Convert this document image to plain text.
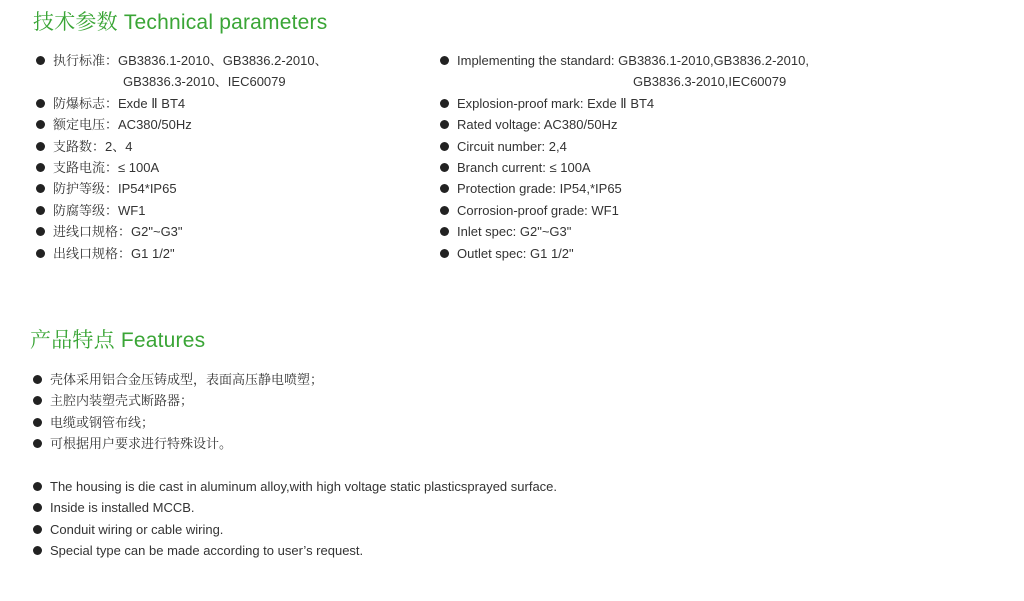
技术参数 Technical parameters
执行标准：GB3836.1-2010、GB3836.2-2010、
GB3836.3-2010、IEC60079
防爆标志：Exde Ⅱ BT4
额定电压：AC380/50Hz
支路数：2、4
支路电流：≤ 100A
防护等级：IP54*IP65
防腐等级：WF1
进线口规格：G2"~G3"
出线口规格：G1 1/2"
Implementing the standard: GB3836.1-2010,GB3836.2-2010,
GB3836.3-2010,IEC60079
Explosion-proof mark: Exde Ⅱ BT4
Rated voltage: AC380/50Hz
Circuit number: 2,4
Branch current: ≤ 100A
Protection grade: IP54,*IP65
Corrosion-proof grade: WF1
Inlet spec: G2"~G3"
Outlet spec: G1 1/2"
产品特点 Features
壳体采用铝合金压铸成型，表面高压静电喷塑；
主腔内装塑壳式断路器；
电缆或钢管布线；
可根据用户要求进行特殊设计。
The housing is die cast in aluminum alloy,with high voltage static plasticsprayed surface.
Inside is installed MCCB.
Conduit wiring or cable wiring.
Special type can be made according to user’s request.
